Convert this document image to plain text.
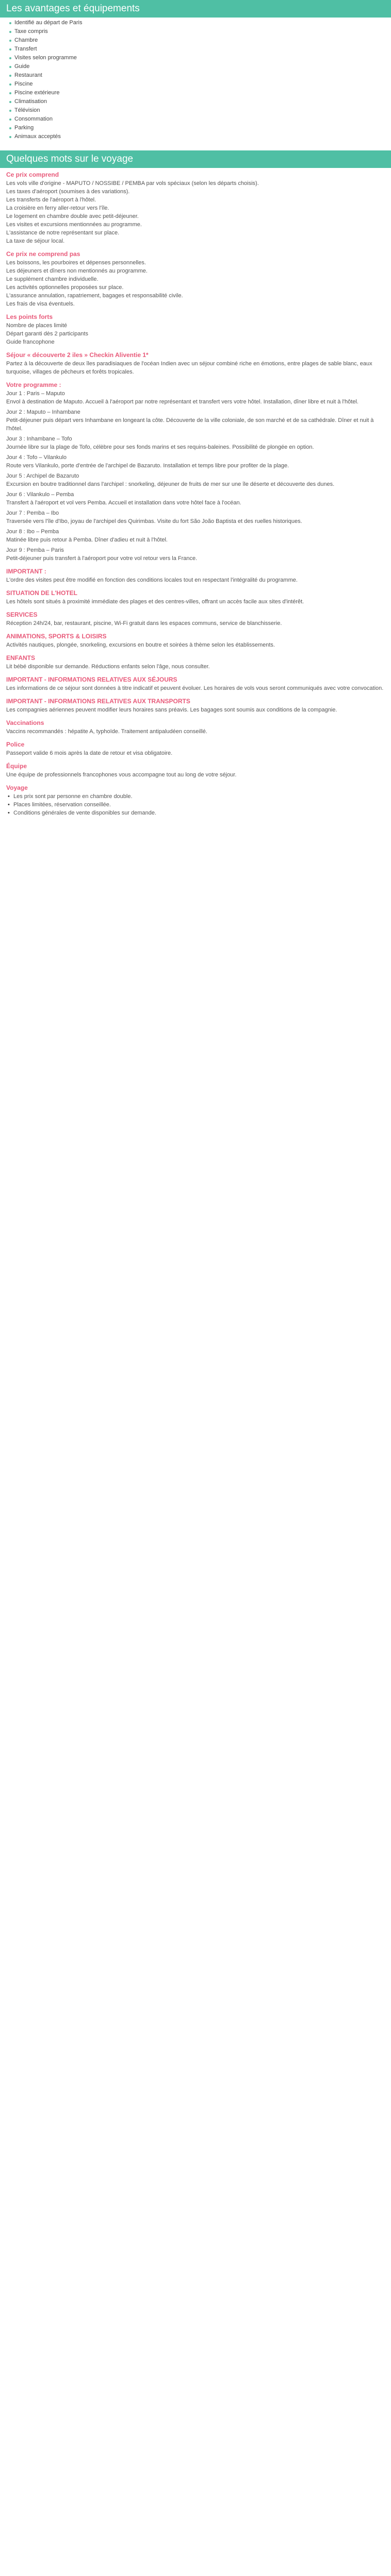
Les avantages et équipements
Identifié au départ de Paris
Taxe compris
Chambre
Transfert
Visites selon programme
Guide
Restaurant
Piscine
Piscine extérieure
Climatisation
Télévision
Consommation
Parking
Animaux acceptés
Quelques mots sur le voyage
Ce prix comprend

Les vols ville d'origine - MAPUTO / NOSSIBE / PEMBA par vols spéciaux (selon les départs choisis).

Les taxes d'aéroport (soumises à des variations).

Les transferts de l'aéroport à l'hôtel.

La croisière en ferry aller-retour vers l'île.

Le logement en chambre double avec petit-déjeuner.

Les visites et excursions mentionnées au programme.

L'assistance de notre représentant sur place.

La taxe de séjour local.

Ce prix ne comprend pas

Les boissons, les pourboires et dépenses personnelles.

Les déjeuners et dîners non mentionnés au programme.

Le supplément chambre individuelle.

Les activités optionnelles proposées sur place.

L'assurance annulation, rapatriement, bagages et responsabilité civile.

Les frais de visa éventuels.

Les points forts

Nombre de places limité

Départ garanti dès 2 participants

Guide francophone

Séjour « découverte 2 iles » Checkin Aliventie 1*
Partez à la découverte de deux îles paradisiaques de l'océan Indien avec un séjour combiné riche en émotions, entre plages de sable blanc, eaux turquoise, villages de pêcheurs et forêts tropicales.
Votre programme :

Jour 1 : Paris – Maputo

Envol à destination de Maputo. Accueil à l'aéroport par notre représentant et transfert vers votre hôtel. Installation, dîner libre et nuit à l'hôtel.

Jour 2 : Maputo – Inhambane

Petit-déjeuner puis départ vers Inhambane en longeant la côte. Découverte de la ville coloniale, de son marché et de sa cathédrale. Dîner et nuit à l'hôtel.

Jour 3 : Inhambane – Tofo

Journée libre sur la plage de Tofo, célèbre pour ses fonds marins et ses requins-baleines. Possibilité de plongée en option.

Jour 4 : Tofo – Vilankulo

Route vers Vilankulo, porte d'entrée de l'archipel de Bazaruto. Installation et temps libre pour profiter de la plage.

Jour 5 : Archipel de Bazaruto

Excursion en boutre traditionnel dans l'archipel : snorkeling, déjeuner de fruits de mer sur une île déserte et découverte des dunes.

Jour 6 : Vilankulo – Pemba

Transfert à l'aéroport et vol vers Pemba. Accueil et installation dans votre hôtel face à l'océan.

Jour 7 : Pemba – Ibo

Traversée vers l'île d'Ibo, joyau de l'archipel des Quirimbas. Visite du fort São João Baptista et des ruelles historiques.

Jour 8 : Ibo – Pemba

Matinée libre puis retour à Pemba. Dîner d'adieu et nuit à l'hôtel.

Jour 9 : Pemba – Paris

Petit-déjeuner puis transfert à l'aéroport pour votre vol retour vers la France.

IMPORTANT :
L'ordre des visites peut être modifié en fonction des conditions locales tout en respectant l'intégralité du programme.
SITUATION DE L'HOTEL
Les hôtels sont situés à proximité immédiate des plages et des centres-villes, offrant un accès facile aux sites d'intérêt.
SERVICES
Réception 24h/24, bar, restaurant, piscine, Wi-Fi gratuit dans les espaces communs, service de blanchisserie.
ANIMATIONS, SPORTS & LOISIRS
Activités nautiques, plongée, snorkeling, excursions en boutre et soirées à thème selon les établissements.
ENFANTS
Lit bébé disponible sur demande. Réductions enfants selon l'âge, nous consulter.
IMPORTANT - INFORMATIONS RELATIVES AUX SÉJOURS
Les informations de ce séjour sont données à titre indicatif et peuvent évoluer. Les horaires de vols vous seront communiqués avec votre convocation.
IMPORTANT - INFORMATIONS RELATIVES AUX TRANSPORTS
Les compagnies aériennes peuvent modifier leurs horaires sans préavis. Les bagages sont soumis aux conditions de la compagnie.
Vaccinations
Vaccins recommandés : hépatite A, typhoïde. Traitement antipaludéen conseillé.
Police
Passeport valide 6 mois après la date de retour et visa obligatoire.
Équipe
Une équipe de professionnels francophones vous accompagne tout au long de votre séjour.
Voyage
• Les prix sont par personne en chambre double.
• Places limitées, réservation conseillée.
• Conditions générales de vente disponibles sur demande.
